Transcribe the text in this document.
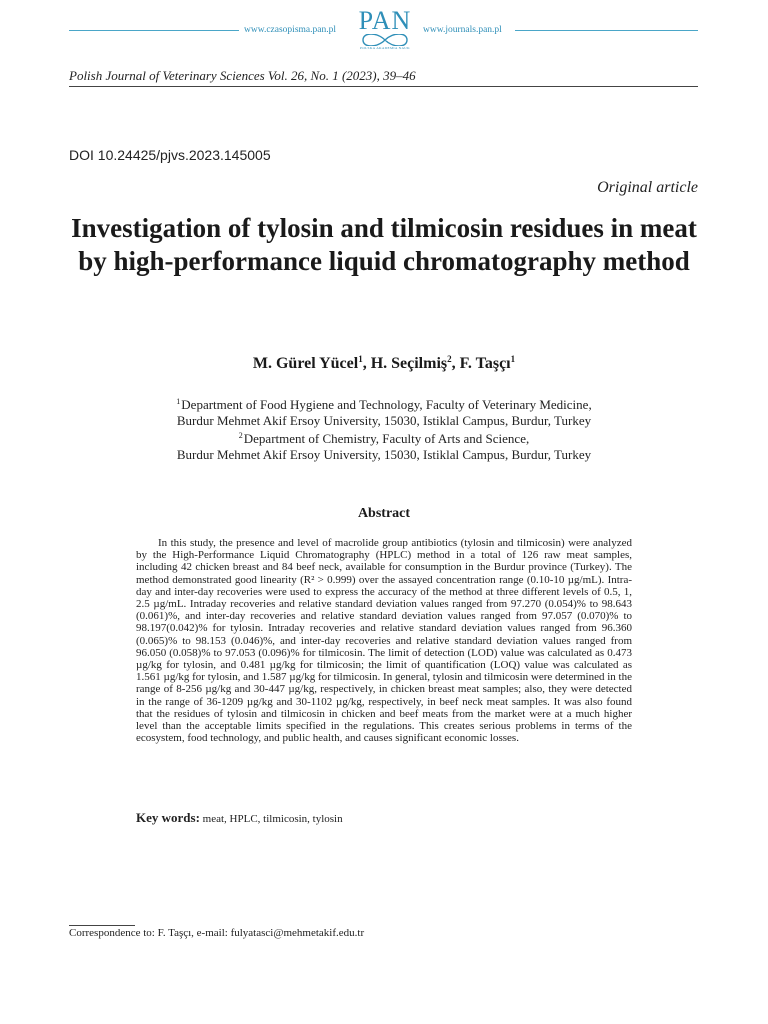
www.czasopisma.pan.pl PAN
POLSKA AKADEMIA NAUK
www.journals.pan.pl
Polish Journal of Veterinary Sciences Vol. 26, No. 1 (2023), 39–46
DOI 10.24425/pjvs.2023.145005
Original article
Investigation of tylosin and tilmicosin residues in meat by high-performance liquid chromatography method
M. Gürel Yücel$^1$, H. Seçilmiş$^2$, F. Taşçı$^1$
$^1$Department of Food Hygiene and Technology, Faculty of Veterinary Medicine,
Burdur Mehmet Akif Ersoy University, 15030, Istiklal Campus, Burdur, Turkey
$^2$Department of Chemistry, Faculty of Arts and Science,
Burdur Mehmet Akif Ersoy University, 15030, Istiklal Campus, Burdur, Turkey
Abstract
In this study, the presence and level of macrolide group antibiotics (tylosin and tilmicosin) were analyzed by the High-Performance Liquid Chromatography (HPLC) method in a total of 126 raw meat samples, including 42 chicken breast and 84 beef neck, available for consumption in the Burdur province (Turkey). The method demonstrated good linearity (R² > 0.999) over the assayed concentration range (0.10-10 µg/mL). Intra-day and inter-day recoveries were used to express the accuracy of the method at three different levels of 0.5, 1, 2.5 µg/mL. Intraday recoveries and relative standard deviation values ranged from 97.270 (0.054)% to 98.643 (0.061)%, and inter-day recoveries and relative standard deviation values ranged from 97.057 (0.070)% to 98.197(0.042)% for tylosin. Intraday recoveries and relative standard deviation values ranged from 96.360 (0.065)% to 98.153 (0.046)%, and inter-day recoveries and relative standard deviation values ranged from 96.050 (0.058)% to 97.053 (0.096)% for tilmicosin. The limit of detection (LOD) value was calculated as 0.473 µg/kg for tylosin, and 0.481 µg/kg for tilmicosin; the limit of quantification (LOQ) value was calculated as 1.561 µg/kg for tylosin, and 1.587 µg/kg for tilmicosin. In general, tylosin and tilmicosin were determined in the range of 8-256 µg/kg and 30-447 µg/kg, respectively, in chicken breast meat samples; also, they were detected in the range of 36-1209 µg/kg and 30-1102 µg/kg, respectively, in beef neck meat samples. It was also found that the residues of tylosin and tilmicosin in chicken and beef meats from the market were at a much higher level than the acceptable limits specified in the regulations. This creates serious problems in terms of the ecosystem, food technology, and public health, and causes significant economic losses.
Key words: meat, HPLC, tilmicosin, tylosin
Correspondence to: F. Taşçı, e-mail: fulyatasci@mehmetakif.edu.tr
